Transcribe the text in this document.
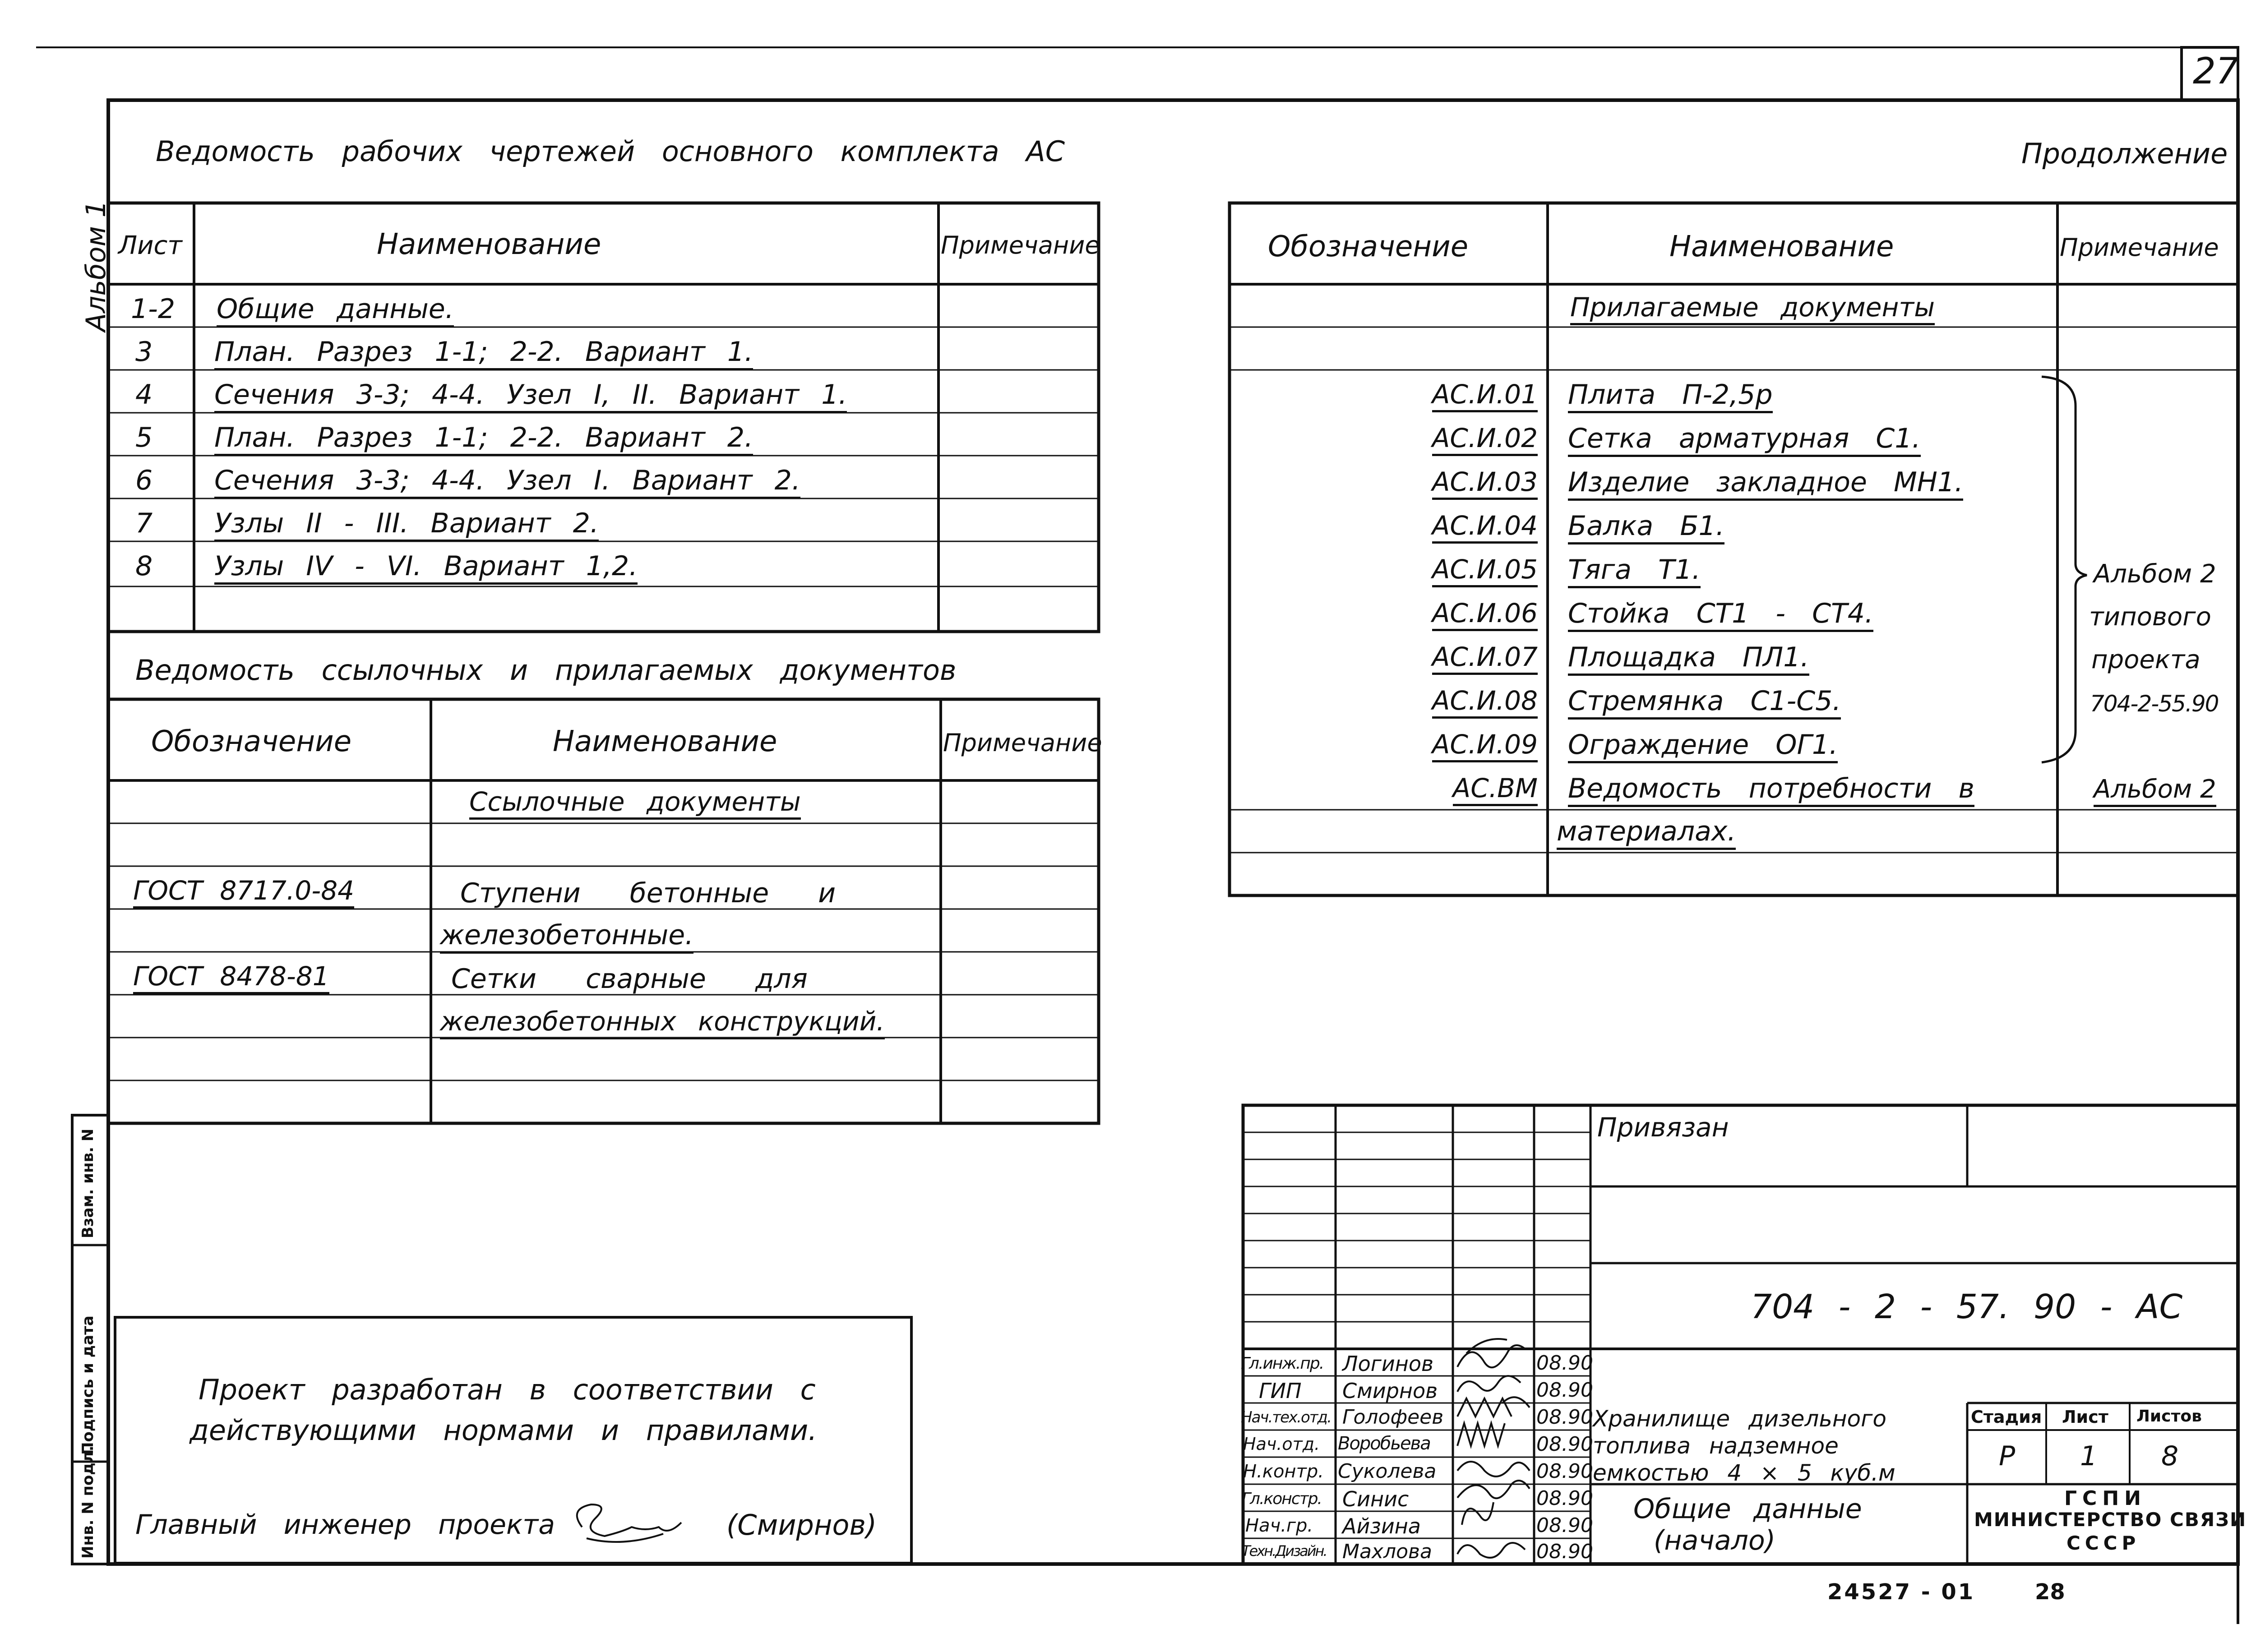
27
Продолжение
Ведомость рабочих чертежей основного комплекта АС
Альбом 1 Лист	Наименование	Примечание
1-2 Общие данные.
3 План. Разрез 1-1; 2-2. Вариант 1.
4 Сечения 3-3; 4-4. Узел I, II. Вариант 1.
5 План. Разрез 1-1; 2-2. Вариант 2.
6 Сечения 3-3; 4-4. Узел I. Вариант 2.
7 Узлы II - III. Вариант 2.
8 Узлы IV - VI. Вариант 1,2.
Ведомость ссылочных и прилагаемых документов
Обозначение	Наименование	Примечание
Ссылочные документы
ГОСТ 8717.0-84	Ступени бетонные и
железобетонные.
ГОСТ 8478-81	Сетки сварные для
железобетонных конструкций.
Обозначение	Наименование	Примечание
Прилагаемые документы
АС.И.01 Плита П-2,5р
АС.И.02 Сетка арматурная С1.
АС.И.03 Изделие закладное МН1.
АС.И.04 Балка Б1.
АС.И.05 Тяга Т1.
АС.И.06 Стойка СТ1 - СТ4.
АС.И.07 Площадка ПЛ1.
АС.И.08 Стремянка С1-С5.
АС.И.09 Ограждение ОГ1.
АС.ВМ Ведомость потребности в
материалах.
Альбом 2
типового
проекта
704-2-55.90
Альбом 2
Проект разработан в соответствии с
действующими нормами и правилами.
Главный инженер проекта	(Смирнов)
Инв. N подл.
Подпись и дата
Взам. инв. N
Привязан
704 - 2 - 57. 90 - АС
Хранилище дизельного
топлива надземное
емкостью 4 × 5 куб.м
Общие данные
(начало)
Стадия Лист Листов
Р 1 8
ГСПИ
МИНИСТЕРСТВО СВЯЗИ
СССР
Гл.инж.пр. Логинов	08.90
ГИП Смирнов	08.90
Нач.тех.отд. Голофеев	08.90
Нач.отд. Воробьева	08.90
Н.контр. Суколева	08.90
Гл.констр. Синис	08.90
Нач.гр. Айзина	08.90
Техн.Дизайн. Махлова	08.90
24527 - 01	28
